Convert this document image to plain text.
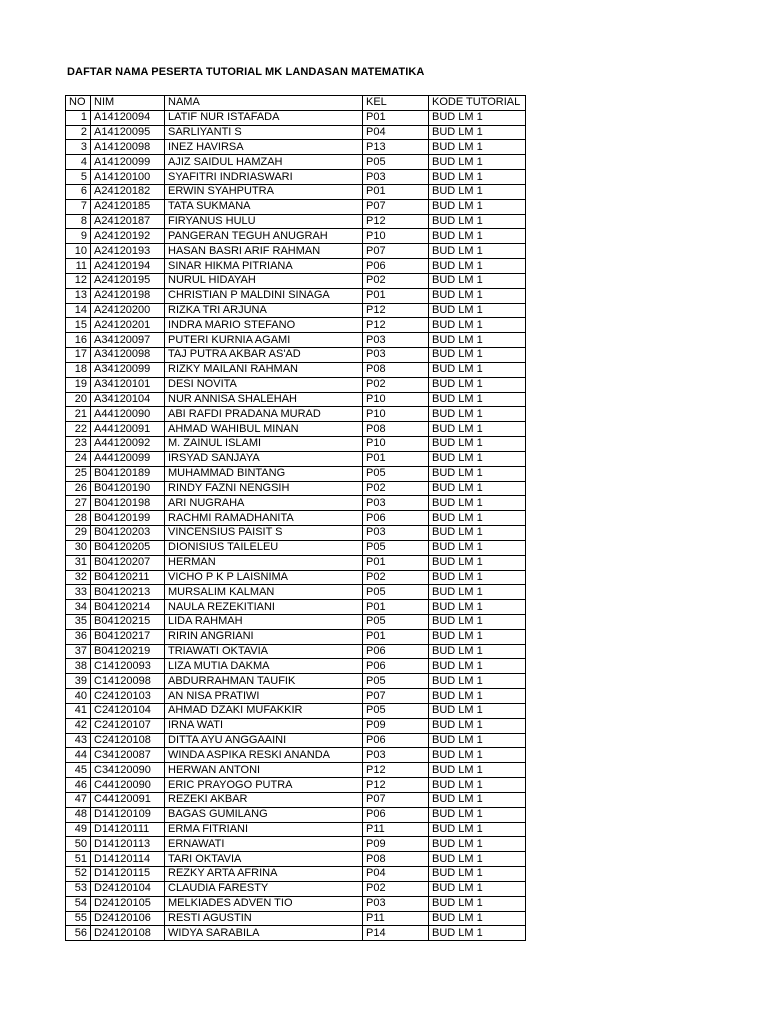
DAFTAR NAMA PESERTA TUTORIAL MK LANDASAN MATEMATIKA
NO	NIM	NAMA	KEL	KODE TUTORIAL
1	A14120094	LATIF NUR ISTAFADA	P01	BUD LM 1
2	A14120095	SARLIYANTI S	P04	BUD LM 1
3	A14120098	INEZ HAVIRSA	P13	BUD LM 1
4	A14120099	AJIZ SAIDUL HAMZAH	P05	BUD LM 1
5	A14120100	SYAFITRI INDRIASWARI	P03	BUD LM 1
6	A24120182	ERWIN SYAHPUTRA	P01	BUD LM 1
7	A24120185	TATA SUKMANA	P07	BUD LM 1
8	A24120187	FIRYANUS HULU	P12	BUD LM 1
9	A24120192	PANGERAN TEGUH ANUGRAH	P10	BUD LM 1
10	A24120193	HASAN BASRI ARIF RAHMAN	P07	BUD LM 1
11	A24120194	SINAR HIKMA PITRIANA	P06	BUD LM 1
12	A24120195	NURUL HIDAYAH	P02	BUD LM 1
13	A24120198	CHRISTIAN P MALDINI SINAGA	P01	BUD LM 1
14	A24120200	RIZKA TRI ARJUNA	P12	BUD LM 1
15	A24120201	INDRA MARIO STEFANO	P12	BUD LM 1
16	A34120097	PUTERI KURNIA AGAMI	P03	BUD LM 1
17	A34120098	TAJ PUTRA AKBAR AS'AD	P03	BUD LM 1
18	A34120099	RIZKY MAILANI RAHMAN	P08	BUD LM 1
19	A34120101	DESI NOVITA	P02	BUD LM 1
20	A34120104	NUR ANNISA SHALEHAH	P10	BUD LM 1
21	A44120090	ABI RAFDI PRADANA MURAD	P10	BUD LM 1
22	A44120091	AHMAD WAHIBUL MINAN	P08	BUD LM 1
23	A44120092	M. ZAINUL ISLAMI	P10	BUD LM 1
24	A44120099	IRSYAD SANJAYA	P01	BUD LM 1
25	B04120189	MUHAMMAD BINTANG	P05	BUD LM 1
26	B04120190	RINDY FAZNI NENGSIH	P02	BUD LM 1
27	B04120198	ARI NUGRAHA	P03	BUD LM 1
28	B04120199	RACHMI RAMADHANITA	P06	BUD LM 1
29	B04120203	VINCENSIUS PAISIT S	P03	BUD LM 1
30	B04120205	DIONISIUS TAILELEU	P05	BUD LM 1
31	B04120207	HERMAN	P01	BUD LM 1
32	B04120211	VICHO P K P LAISNIMA	P02	BUD LM 1
33	B04120213	MURSALIM KALMAN	P05	BUD LM 1
34	B04120214	NAULA REZEKITIANI	P01	BUD LM 1
35	B04120215	LIDA RAHMAH	P05	BUD LM 1
36	B04120217	RIRIN ANGRIANI	P01	BUD LM 1
37	B04120219	TRIAWATI OKTAVIA	P06	BUD LM 1
38	C14120093	LIZA MUTIA DAKMA	P06	BUD LM 1
39	C14120098	ABDURRAHMAN TAUFIK	P05	BUD LM 1
40	C24120103	AN NISA PRATIWI	P07	BUD LM 1
41	C24120104	AHMAD DZAKI MUFAKKIR	P05	BUD LM 1
42	C24120107	IRNA WATI	P09	BUD LM 1
43	C24120108	DITTA AYU ANGGAAINI	P06	BUD LM 1
44	C34120087	WINDA ASPIKA RESKI ANANDA	P03	BUD LM 1
45	C34120090	HERWAN ANTONI	P12	BUD LM 1
46	C44120090	ERIC PRAYOGO PUTRA	P12	BUD LM 1
47	C44120091	REZEKI AKBAR	P07	BUD LM 1
48	D14120109	BAGAS GUMILANG	P06	BUD LM 1
49	D14120111	ERMA FITRIANI	P11	BUD LM 1
50	D14120113	ERNAWATI	P09	BUD LM 1
51	D14120114	TARI OKTAVIA	P08	BUD LM 1
52	D14120115	REZKY ARTA AFRINA	P04	BUD LM 1
53	D24120104	CLAUDIA FARESTY	P02	BUD LM 1
54	D24120105	MELKIADES ADVEN TIO	P03	BUD LM 1
55	D24120106	RESTI AGUSTIN	P11	BUD LM 1
56	D24120108	WIDYA SARABILA	P14	BUD LM 1
